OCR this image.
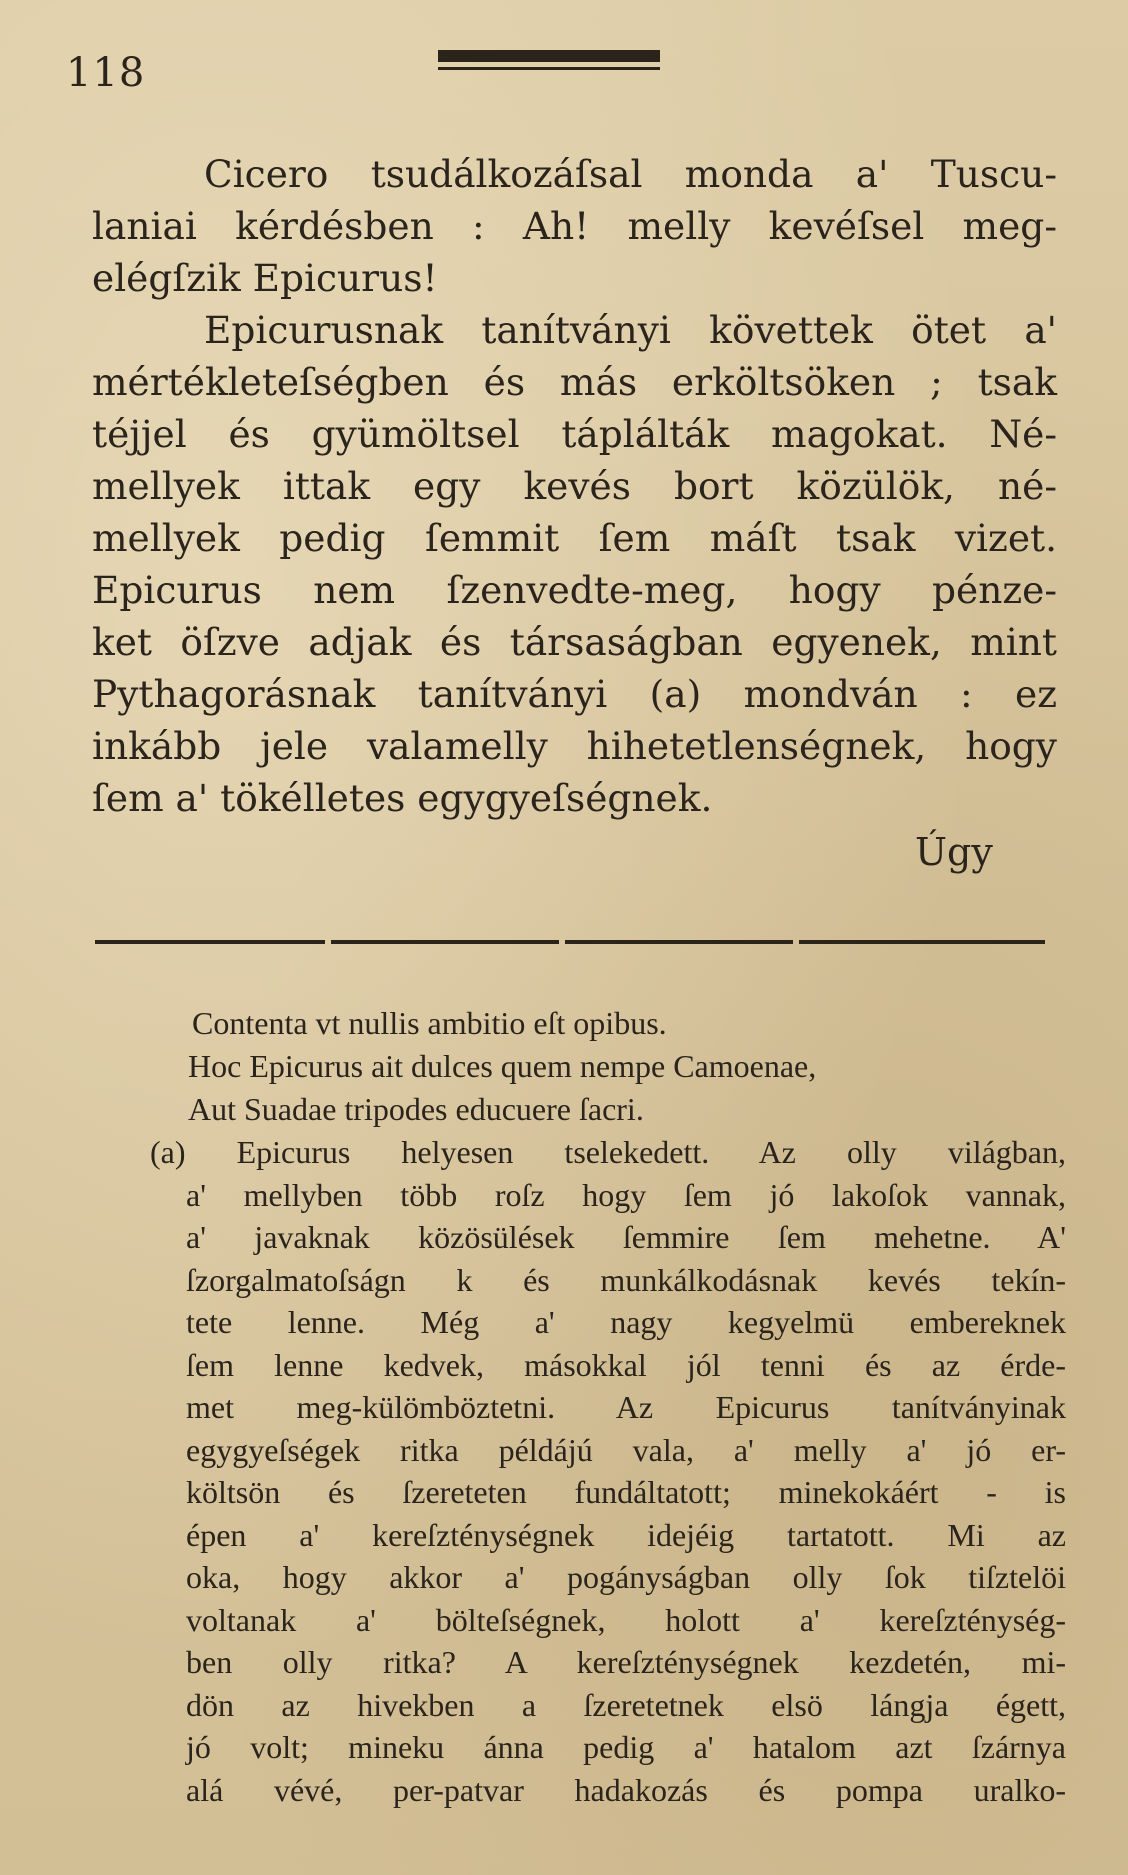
118
Cicero tsudálkozáſsal monda a' Tuscu-
laniai kérdésben : Ah! melly kevéſsel meg-
elégſzik Epicurus!
Epicurusnak tanítványi követtek ötet a'
mértékleteſségben és más erköltsöken ; tsak
téjjel és gyümöltsel táplálták magokat. Né-
mellyek ittak egy kevés bort közülök, né-
mellyek pedig ſemmit ſem máſt tsak vizet.
Epicurus nem ſzenvedte-meg, hogy pénze-
ket öſzve adjak és társaságban egyenek, mint
Pythagorásnak tanítványi (a) mondván : ez
inkább jele valamelly hihetetlenségnek, hogy
ſem a' tökélletes egygyeſségnek.
Úgy
Contenta vt nullis ambitio eſt opibus.
Hoc Epicurus ait dulces quem nempe Camoenae,
Aut Suadae tripodes educuere ſacri.
(a) Epicurus helyesen tselekedett. Az olly világban,
a' mellyben több roſz hogy ſem jó lakoſok vannak,
a' javaknak közösülések ſemmire ſem mehetne. A'
ſzorgalmatoſságn k és munkálkodásnak kevés tekín-
tete lenne. Még a' nagy kegyelmü embereknek
ſem lenne kedvek, másokkal jól tenni és az érde-
met meg-külömböztetni. Az Epicurus tanítványinak
egygyeſségek ritka példájú vala, a' melly a' jó er-
költsön és ſzereteten fundáltatott; minekokáért - is
épen a' kereſzténységnek idejéig tartatott. Mi az
oka, hogy akkor a' pogányságban olly ſok tiſztelöi
voltanak a' bölteſségnek, holott a' kereſzténység-
ben olly ritka? A kereſzténységnek kezdetén, mi-
dön az hivekben a ſzeretetnek elsö lángja égett,
jó volt; mineku ánna pedig a' hatalom azt ſzárnya
alá vévé, per-patvar hadakozás és pompa uralko-
